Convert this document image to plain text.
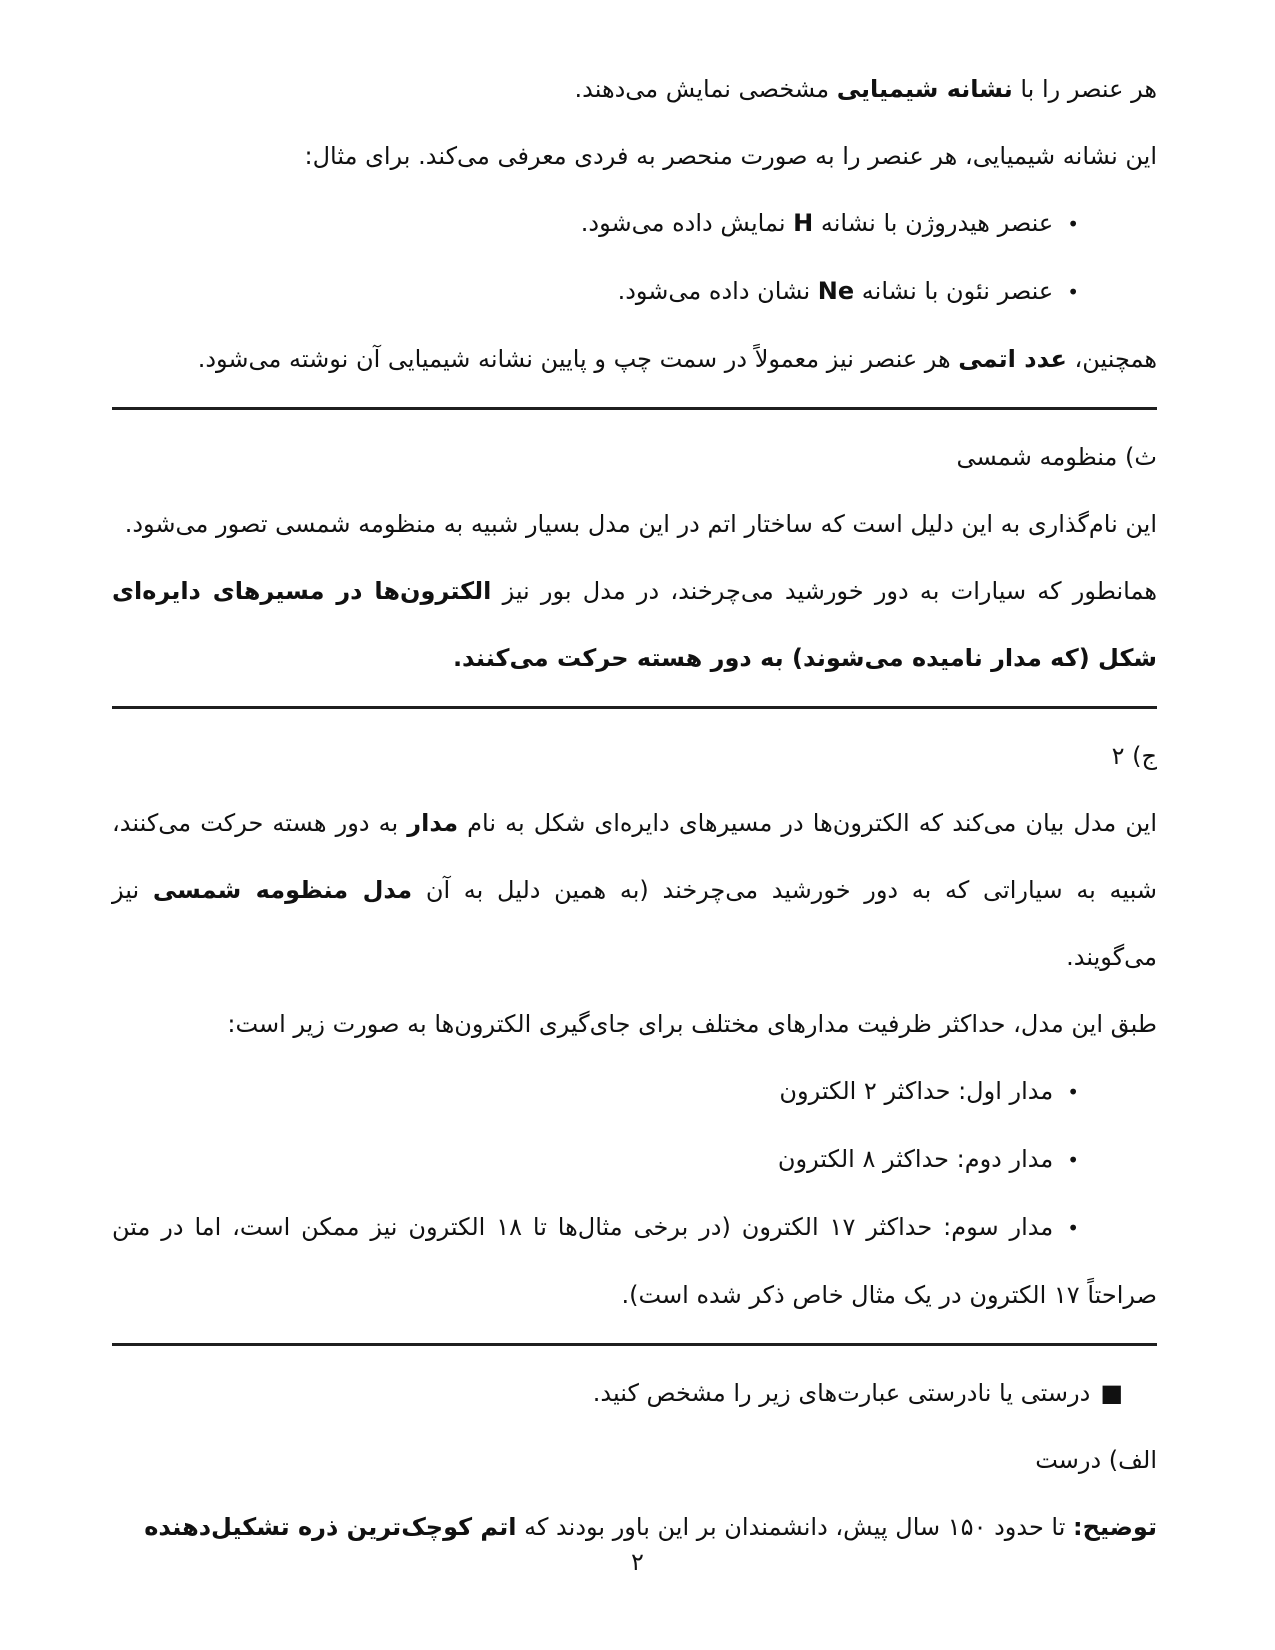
هر عنصر را با نشانه شیمیایی مشخصی نمایش می‌دهند.

این نشانه شیمیایی، هر عنصر را به صورت منحصر به فردی معرفی می‌کند. برای مثال:

•عنصر هیدروژن با نشانه H نمایش داده می‌شود.

•عنصر نئون با نشانه Ne نشان داده می‌شود.

همچنین، عدد اتمی هر عنصر نیز معمولاً در سمت چپ و پایین نشانه شیمیایی آن نوشته می‌شود.

ث) منظومه شمسی

این نام‌گذاری به این دلیل است که ساختار اتم در این مدل بسیار شبیه به منظومه شمسی تصور می‌شود.

همانطور که سیارات به دور خورشید می‌چرخند، در مدل بور نیز الکترون‌ها در مسیرهای دایره‌ای شکل (که مدار نامیده می‌شوند) به دور هسته حرکت می‌کنند.

ج) ۲

این مدل بیان می‌کند که الکترون‌ها در مسیرهای دایره‌ای شکل به نام مدار به دور هسته حرکت می‌کنند، شبیه به سیاراتی که به دور خورشید می‌چرخند (به همین دلیل به آن مدل منظومه شمسی نیز می‌گویند.

طبق این مدل، حداکثر ظرفیت مدارهای مختلف برای جای‌گیری الکترون‌ها به صورت زیر است:

•مدار اول: حداکثر ۲ الکترون

•مدار دوم: حداکثر ۸ الکترون

•مدار سوم: حداکثر ۱۷ الکترون (در برخی مثال‌ها تا ۱۸ الکترون نیز ممکن است، اما در متن صراحتاً ۱۷ الکترون در یک مثال خاص ذکر شده است).

■درستی یا نادرستی عبارت‌های زیر را مشخص کنید.

الف) درست

توضیح: تا حدود ۱۵۰ سال پیش، دانشمندان بر این باور بودند که اتم کوچک‌ترین ذره تشکیل‌دهنده

۲
